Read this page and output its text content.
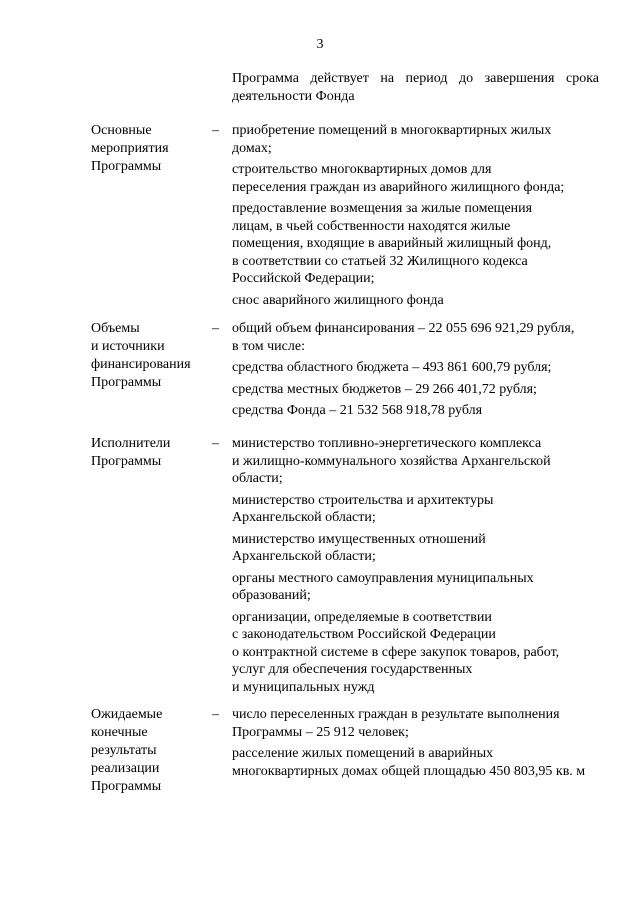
3
Программа действует на период до завершения срока деятельности Фонда
Основные
мероприятия
Программы
– приобретение помещений в многоквартирных жилых
домах;
строительство многоквартирных домов для
переселения граждан из аварийного жилищного фонда;
предоставление возмещения за жилые помещения
лицам, в чьей собственности находятся жилые
помещения, входящие в аварийный жилищный фонд,
в соответствии со статьей 32 Жилищного кодекса
Российской Федерации;
снос аварийного жилищного фонда
Объемы
и источники
финансирования
Программы
– общий объем финансирования – 22 055 696 921,29 рубля,
в том числе:
средства областного бюджета – 493 861 600,79 рубля;
средства местных бюджетов – 29 266 401,72 рубля;
средства Фонда – 21 532 568 918,78 рубля
Исполнители
Программы
– министерство топливно-энергетического комплекса
и жилищно-коммунального хозяйства Архангельской
области;
министерство строительства и архитектуры
Архангельской области;
министерство имущественных отношений
Архангельской области;
органы местного самоуправления муниципальных
образований;
организации, определяемые в соответствии
с законодательством Российской Федерации
о контрактной системе в сфере закупок товаров, работ,
услуг для обеспечения государственных
и муниципальных нужд
Ожидаемые
конечные
результаты
реализации
Программы
– число переселенных граждан в результате выполнения
Программы – 25 912 человек;
расселение жилых помещений в аварийных
многоквартирных домах общей площадью 450 803,95 кв. м
